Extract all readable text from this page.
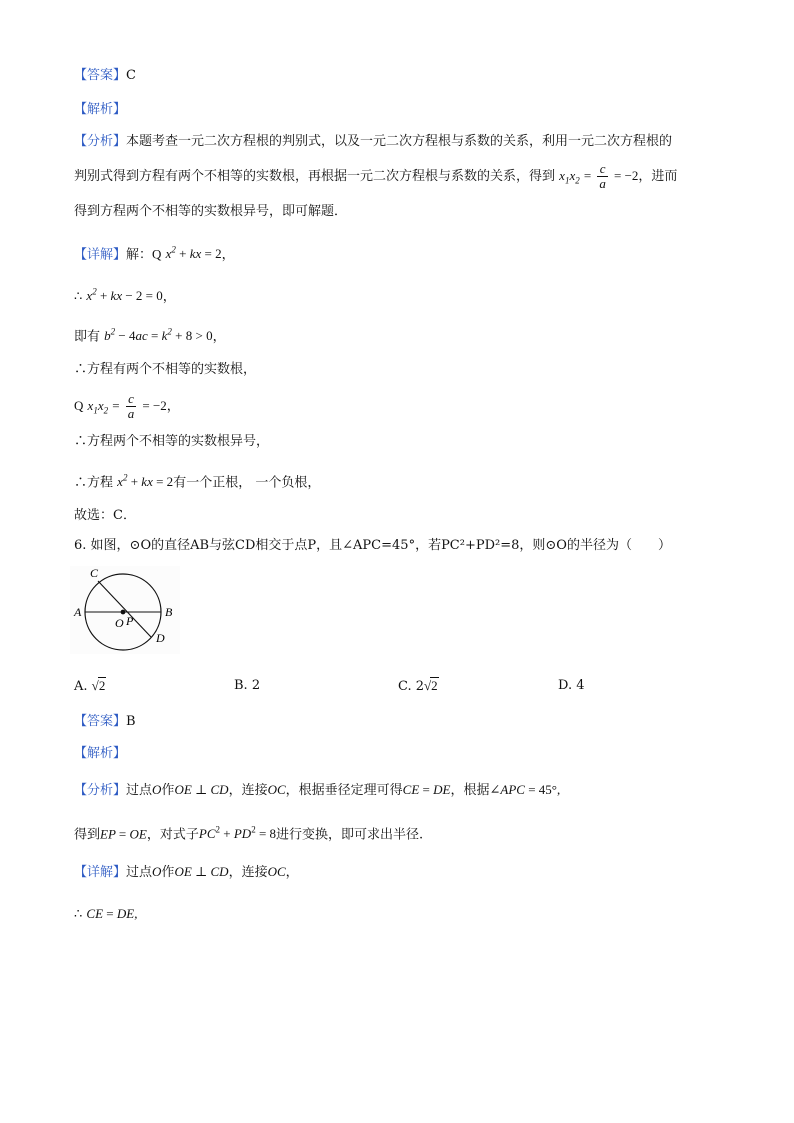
【答案】C
【解析】
【分析】本题考查一元二次方程根的判别式，以及一元二次方程根与系数的关系，利用一元二次方程根的
判别式得到方程有两个不相等的实数根，再根据一元二次方程根与系数的关系，得到 $x_1x_2 = \frac{c}{a} = -2$，进而
得到方程两个不相等的实数根异号，即可解题．
【详解】解：Q $x^2$ + kx = 2，
∴ $x^2$ + kx − 2 = 0，
即有 $b^2 - 4ac = k^2 + 8 > 0$，
∴方程有两个不相等的实数根，
Q $x_1x_2 = \frac{c}{a} = -2$，
∴方程两个不相等的实数根异号，
∴方程 $x^2$ + kx = 2有一个正根， 一个负根，
故选：C．
6. 如图，⊙O的直径AB与弦CD相交于点P，且∠APC=45°，若PC²+PD²=8，则⊙O的半径为（　　）
A	B
C
D
O P
A. √2	B. 2	C. 2√2	D. 4
【答案】B
【解析】
【分析】过点O作OE ⊥ CD，连接OC，根据垂径定理可得CE = DE，根据∠APC = 45°,
得到EP = OE，对式子$PC^2 + PD^2 = 8$进行变换，即可求出半径.
【详解】过点O作OE ⊥ CD，连接OC，
∴ CE = DE,
